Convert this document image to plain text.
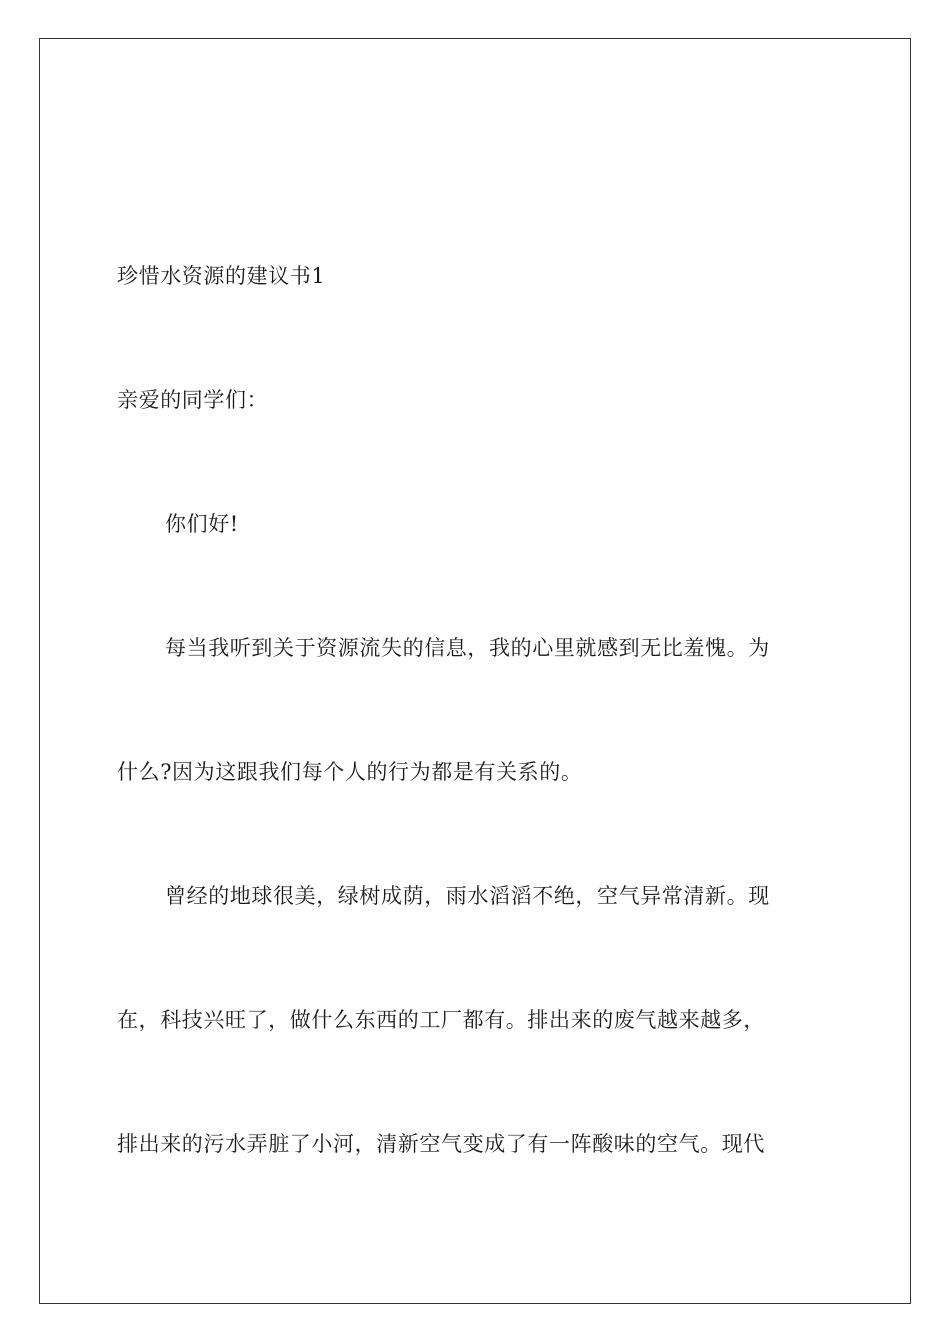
珍惜水资源的建议书1
亲爱的同学们：
你们好!
每当我听到关于资源流失的信息，我的心里就感到无比羞愧。为
什么?因为这跟我们每个人的行为都是有关系的。
曾经的地球很美，绿树成荫，雨水滔滔不绝，空气异常清新。现
在，科技兴旺了，做什么东西的工厂都有。排出来的废气越来越多，
排出来的污水弄脏了小河，清新空气变成了有一阵酸味的空气。现代
